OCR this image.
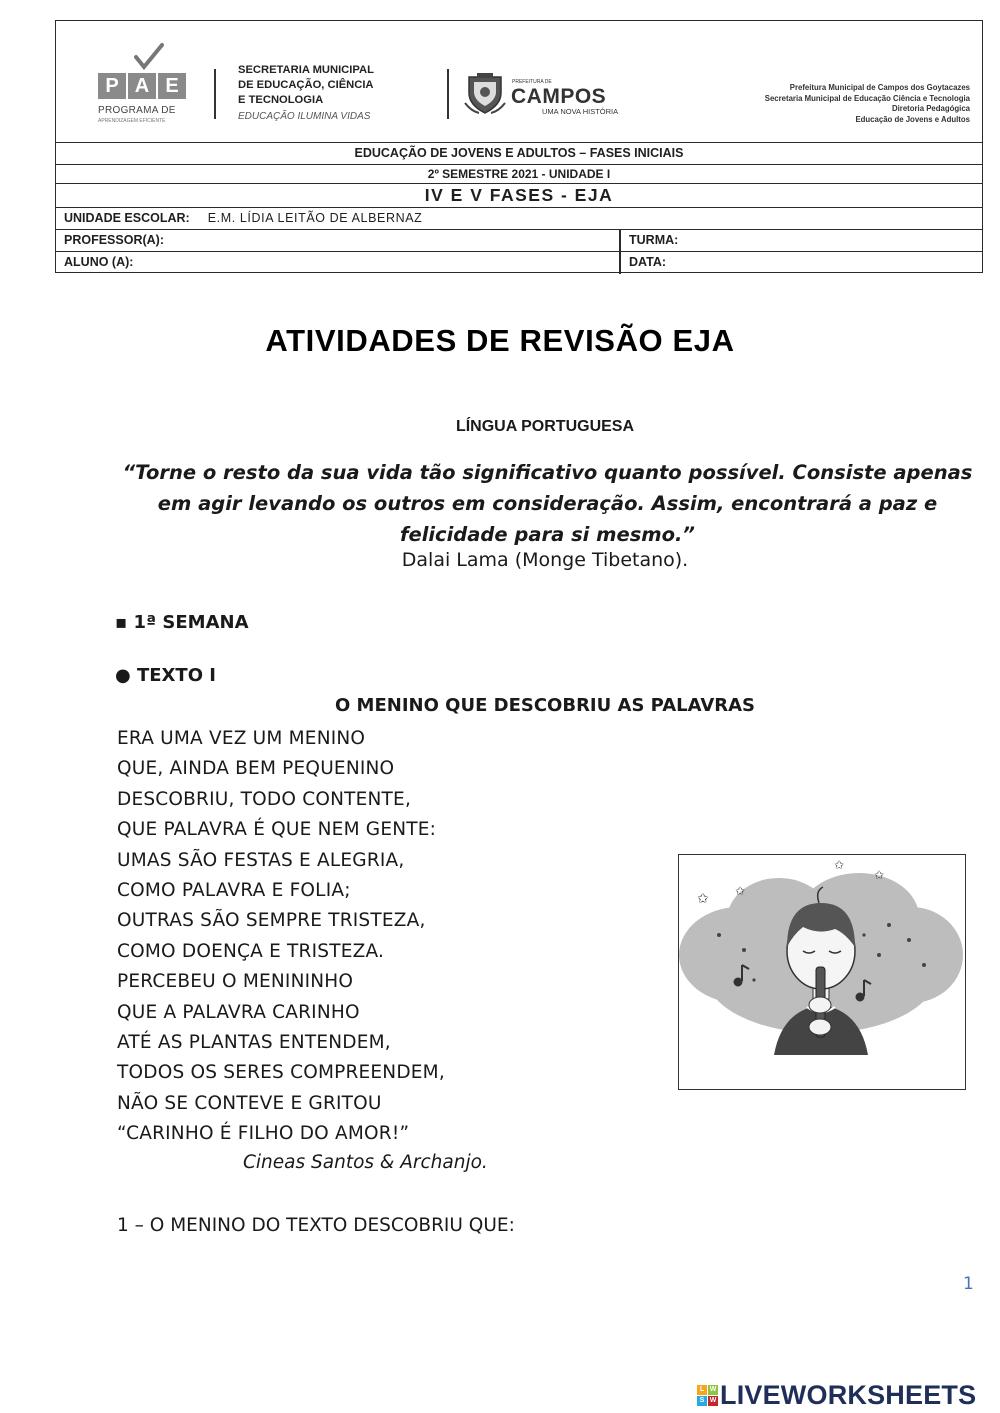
P A E
PROGRAMA DE
APRENDIZAGEM EFICIENTE
SECRETARIA MUNICIPAL
DE EDUCAÇÃO, CIÊNCIA
E TECNOLOGIA
EDUCAÇÃO ILUMINA VIDAS
PREFEITURA DE
CAMPOS
UMA NOVA HISTÓRIA
Prefeitura Municipal de Campos dos Goytacazes
Secretaria Municipal de Educação Ciência e Tecnologia
Diretoria Pedagógica
Educação de Jovens e Adultos
EDUCAÇÃO DE JOVENS E ADULTOS – FASES INICIAIS
2º SEMESTRE 2021 - UNIDADE I
IV E V FASES - EJA
UNIDADE ESCOLAR: E.M. LÍDIA LEITÃO DE ALBERNAZ
PROFESSOR(A):
ALUNO (A):
TURMA:
DATA:
ATIVIDADES DE REVISÃO EJA
LÍNGUA PORTUGUESA
“Torne o resto da sua vida tão significativo quanto possível. Consiste apenas em agir levando os outros em consideração. Assim, encontrará a paz e felicidade para si mesmo.”
Dalai Lama (Monge Tibetano).
▪ 1ª SEMANA
● TEXTO I
O MENINO QUE DESCOBRIU AS PALAVRAS
ERA UMA VEZ UM MENINO
QUE, AINDA BEM PEQUENINO
DESCOBRIU, TODO CONTENTE,
QUE PALAVRA É QUE NEM GENTE:
UMAS SÃO FESTAS E ALEGRIA,
COMO PALAVRA E FOLIA;
OUTRAS SÃO SEMPRE TRISTEZA,
COMO DOENÇA E TRISTEZA.
PERCEBEU O MENININHO
QUE A PALAVRA CARINHO
ATÉ AS PLANTAS ENTENDEM,
TODOS OS SERES COMPREENDEM,
NÃO SE CONTEVE E GRITOU
“CARINHO É FILHO DO AMOR!”
Cineas Santos & Archanjo.
✩ ✩
✩
✩
1 – O MENINO DO TEXTO DESCOBRIU QUE:
1
L W
S W LIVEWORKSHEETS
